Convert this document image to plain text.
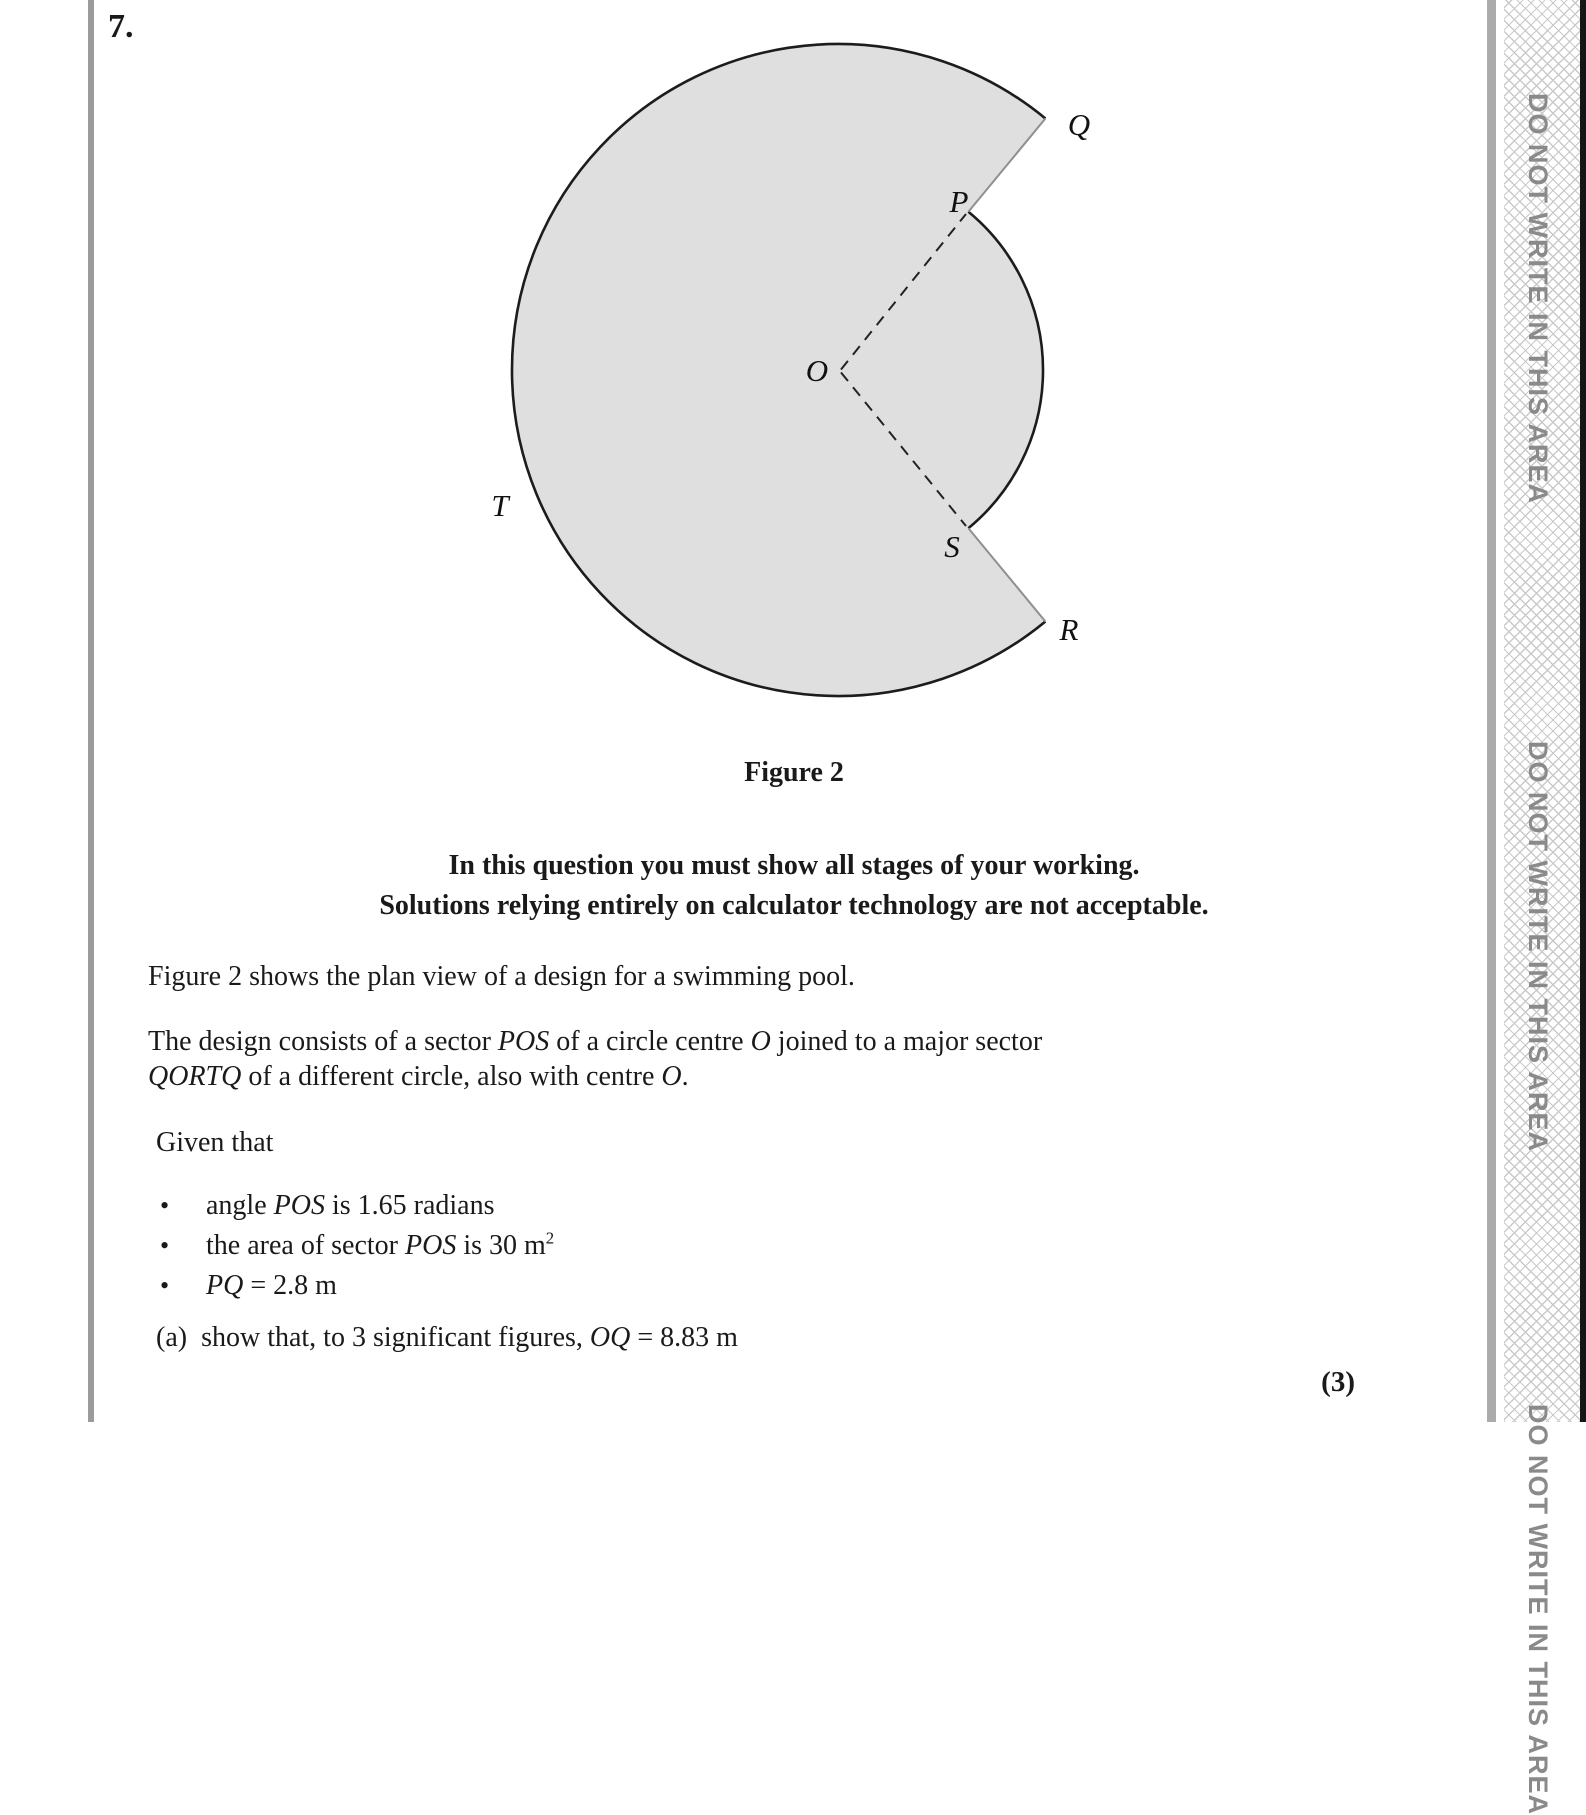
7.
Q
P
O
T
S
R
Figure 2
In this question you must show all stages of your working.
Solutions relying entirely on calculator technology are not acceptable.
Figure 2 shows the plan view of a design for a swimming pool.
The design consists of a sector POS of a circle centre O joined to a major sector
QORTQ of a different circle, also with centre O.
Given that
•	angle POS is 1.65 radians
•	the area of sector POS is 30 $m^2$
•	PQ = 2.8 m
(a) show that, to 3 significant figures, OQ = 8.83 m
(3)
DO NOT WRITE IN THIS AREA
DO NOT WRITE IN THIS AREA
DO NOT WRITE IN THIS AREA
